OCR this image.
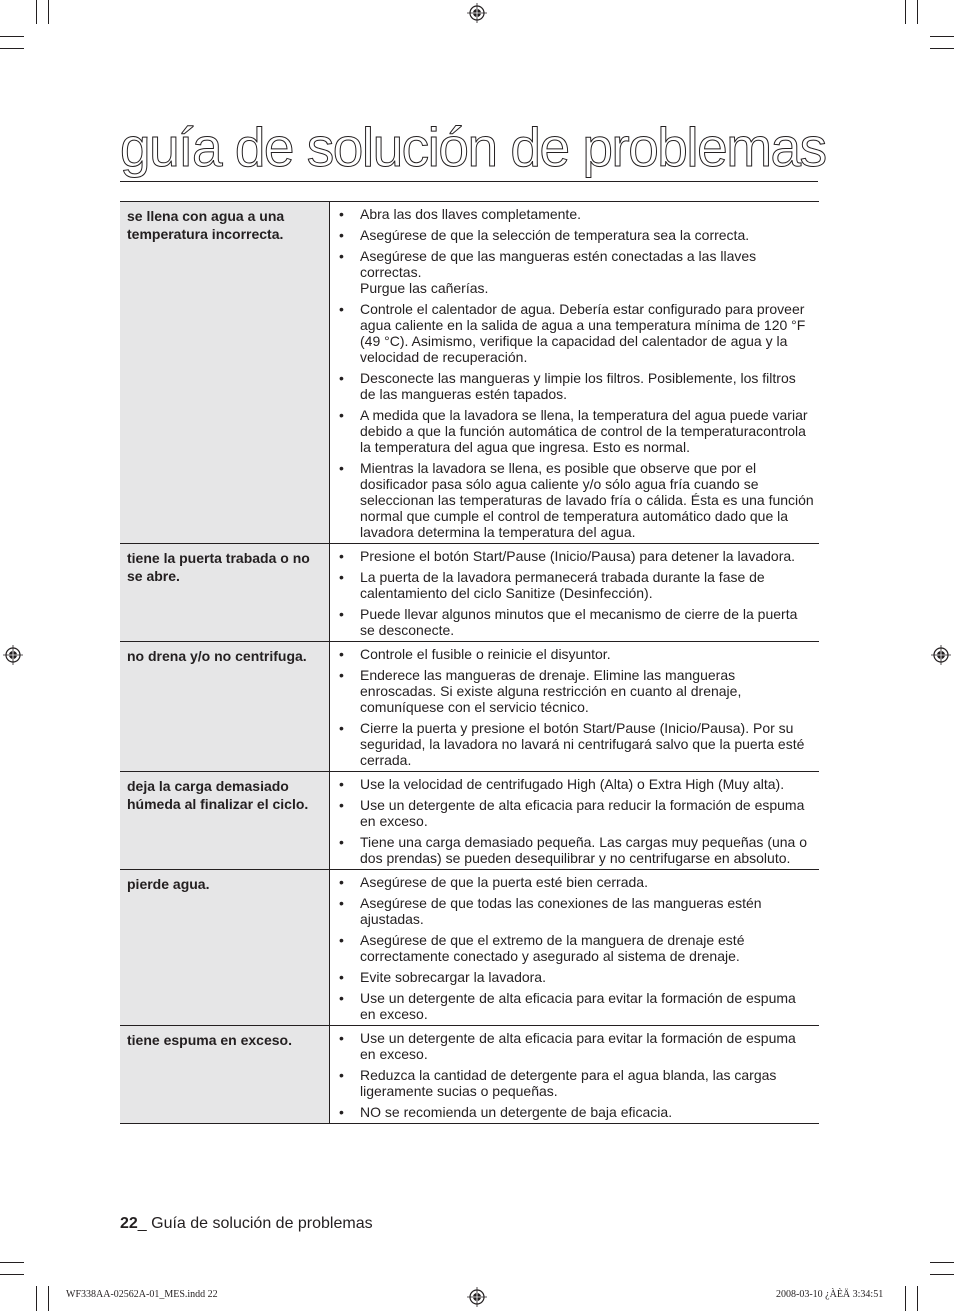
guía de solución de problemas
se llena con agua a una temperatura incorrecta.
•	Abra las dos llaves completamente.
•	Asegúrese de que la selección de temperatura sea la correcta.
•	Asegúrese de que las mangueras estén conectadas a las llaves correctas.
Purgue las cañerías.
•	Controle el calentador de agua. Debería estar configurado para proveer agua caliente en la salida de agua a una temperatura mínima de 120 °F (49 °C). Asimismo, verifique la capacidad del calentador de agua y la velocidad de recuperación.
•	Desconecte las mangueras y limpie los filtros. Posiblemente, los filtros de las mangueras estén tapados.
•	A medida que la lavadora se llena, la temperatura del agua puede variar debido a que la función automática de control de la temperaturacontrola la temperatura del agua que ingresa. Esto es normal.
•	Mientras la lavadora se llena, es posible que observe que por el dosificador pasa sólo agua caliente y/o sólo agua fría cuando se seleccionan las temperaturas de lavado fría o cálida. Ésta es una función normal que cumple el control de temperatura automático dado que la lavadora determina la temperatura del agua.
tiene la puerta trabada o no se abre.
•	Presione el botón Start/Pause (Inicio/Pausa) para detener la lavadora.
•	La puerta de la lavadora permanecerá trabada durante la fase de calentamiento del ciclo Sanitize (Desinfección).
•	Puede llevar algunos minutos que el mecanismo de cierre de la puerta se desconecte.
no drena y/o no centrifuga.	•	Controle el fusible o reinicie el disyuntor.
•	Enderece las mangueras de drenaje. Elimine las mangueras enroscadas. Si existe alguna restricción en cuanto al drenaje, comuníquese con el servicio técnico.
•	Cierre la puerta y presione el botón Start/Pause (Inicio/Pausa). Por su seguridad, la lavadora no lavará ni centrifugará salvo que la puerta esté cerrada.
deja la carga demasiado húmeda al finalizar el ciclo.
•	Use la velocidad de centrifugado High (Alta) o Extra High (Muy alta).
•	Use un detergente de alta eficacia para reducir la formación de espuma en exceso.
•	Tiene una carga demasiado pequeña. Las cargas muy pequeñas (una o dos prendas) se pueden desequilibrar y no centrifugarse en absoluto.
pierde agua.	•	Asegúrese de que la puerta esté bien cerrada.
•	Asegúrese de que todas las conexiones de las mangueras estén ajustadas.
•	Asegúrese de que el extremo de la manguera de drenaje esté correctamente conectado y asegurado al sistema de drenaje.
•	Evite sobrecargar la lavadora.
•	Use un detergente de alta eficacia para evitar la formación de espuma en exceso.
tiene espuma en exceso.	•	Use un detergente de alta eficacia para evitar la formación de espuma en exceso.
•	Reduzca la cantidad de detergente para el agua blanda, las cargas ligeramente sucias o pequeñas.
•	NO se recomienda un detergente de baja eficacia.
22_ Guía de solución de problemas
WF338AA-02562A-01_MES.indd 22	2008-03-10 ¿ÀÈÄ 3:34:51
